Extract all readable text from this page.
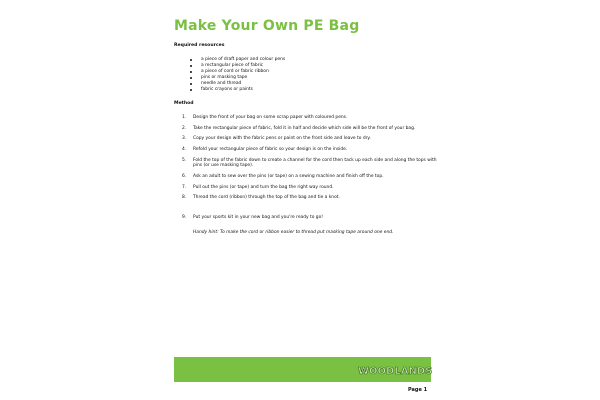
Make Your Own PE Bag
Required resources
a piece of draft paper and colour pens
a rectangular piece of fabric
a piece of cord or fabric ribbon
pins or masking tape
needle and thread
fabric crayons or paints
Method
1. Design the front of your bag on some scrap paper with coloured pens.
2. Take the rectangular piece of fabric, fold it in half and decide which side will be the front of your bag.
3. Copy your design with the fabric pens or paint on the front side and leave to dry.
4. Refold your rectangular piece of fabric so your design is on the inside.
5. Fold the top of the fabric down to create a channel for the cord then tack up each side and along the tops with pins (or use masking tape).
6. Ask an adult to sew over the pins (or tape) on a sewing machine and finish off the top.
7. Pull out the pins (or tape) and turn the bag the right way round.
8. Thread the cord (ribbon) through the top of the bag and tie a knot.
9. Put your sports kit in your new bag and you're ready to go!
Handy hint: To make the cord or ribbon easier to thread put masking tape around one end.
WOODLANDS
Page 1
